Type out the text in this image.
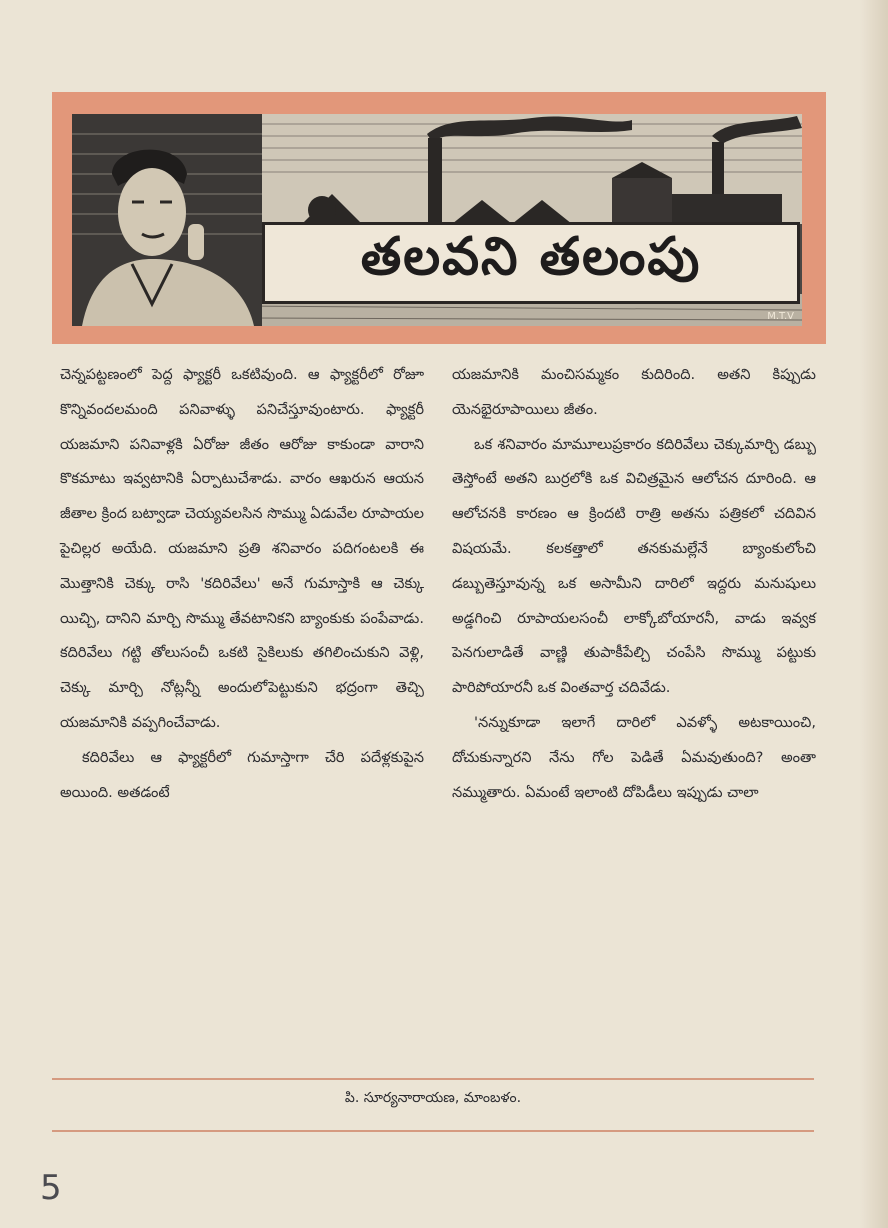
తలవని తలంపు
M.T.V

చెన్నపట్టణంలో పెద్ద ఫ్యాక్టరీ ఒకటివుంది. ఆ ఫ్యాక్టరీలో రోజూ కొన్నివందలమంది పనివాళ్ళు పనిచేస్తూవుంటారు. ఫ్యాక్టరీ యజమాని పనివాళ్లకి ఏరోజు జీతం ఆరోజు కాకుండా వారాని కొకమాటు ఇవ్వటానికి ఏర్పాటుచేశాడు. వారం ఆఖరున ఆయన జీతాల క్రింద బట్వాడా చెయ్యవలసిన సొమ్ము ఏడువేల రూపాయల పైచిల్లర అయేది. యజమాని ప్రతి శనివారం పదిగంటలకి ఈ మొత్తానికి చెక్కు రాసి 'కదిరివేలు' అనే గుమాస్తాకి ఆ చెక్కు యిచ్చి, దానిని మార్చి సొమ్ము తేవటానికని బ్యాంకుకు పంపేవాడు. కదిరివేలు గట్టి తోలుసంచీ ఒకటి సైకిలుకు తగిలించుకుని వెళ్లి, చెక్కు మార్చి నోట్లన్నీ అందులోపెట్టుకుని భద్రంగా తెచ్చి యజమానికి వప్పగించేవాడు.

కదిరివేలు ఆ ఫ్యాక్టరీలో గుమాస్తాగా చేరి పదేళ్లకుపైన అయింది. అతడంటే

యజమానికి మంచిసమ్మకం కుదిరింది. అతని కిప్పుడు యెనభైరూపాయిలు జీతం.

ఒక శనివారం మామూలుప్రకారం కదిరివేలు చెక్కుమార్చి డబ్బు తెస్తోంటే అతని బుర్రలోకి ఒక విచిత్రమైన ఆలోచన దూరింది. ఆ ఆలోచనకి కారణం ఆ క్రిందటి రాత్రి అతను పత్రికలో చదివిన విషయమే. కలకత్తాలో తనకుమల్లేనే బ్యాంకులోంచి డబ్బుతెస్తూవున్న ఒక అసామీని దారిలో ఇద్దరు మనుషులు అడ్డగించి రూపాయలసంచీ లాక్కోబోయారనీ, వాడు ఇవ్వక పెనగులాడితే వాణ్ణి తుపాకీపేల్చి చంపేసి సొమ్ము పట్టుకు పారిపోయారనీ ఒక వింతవార్త చదివేడు.

'నన్నుకూడా ఇలాగే దారిలో ఎవళ్ళో అటకాయించి, దోచుకున్నారని నేను గోల పెడితే ఏమవుతుంది? అంతా నమ్ముతారు. ఏమంటే ఇలాంటి దోపిడీలు ఇప్పుడు చాలా

పి. సూర్యనారాయణ, మాంబళం.
5
